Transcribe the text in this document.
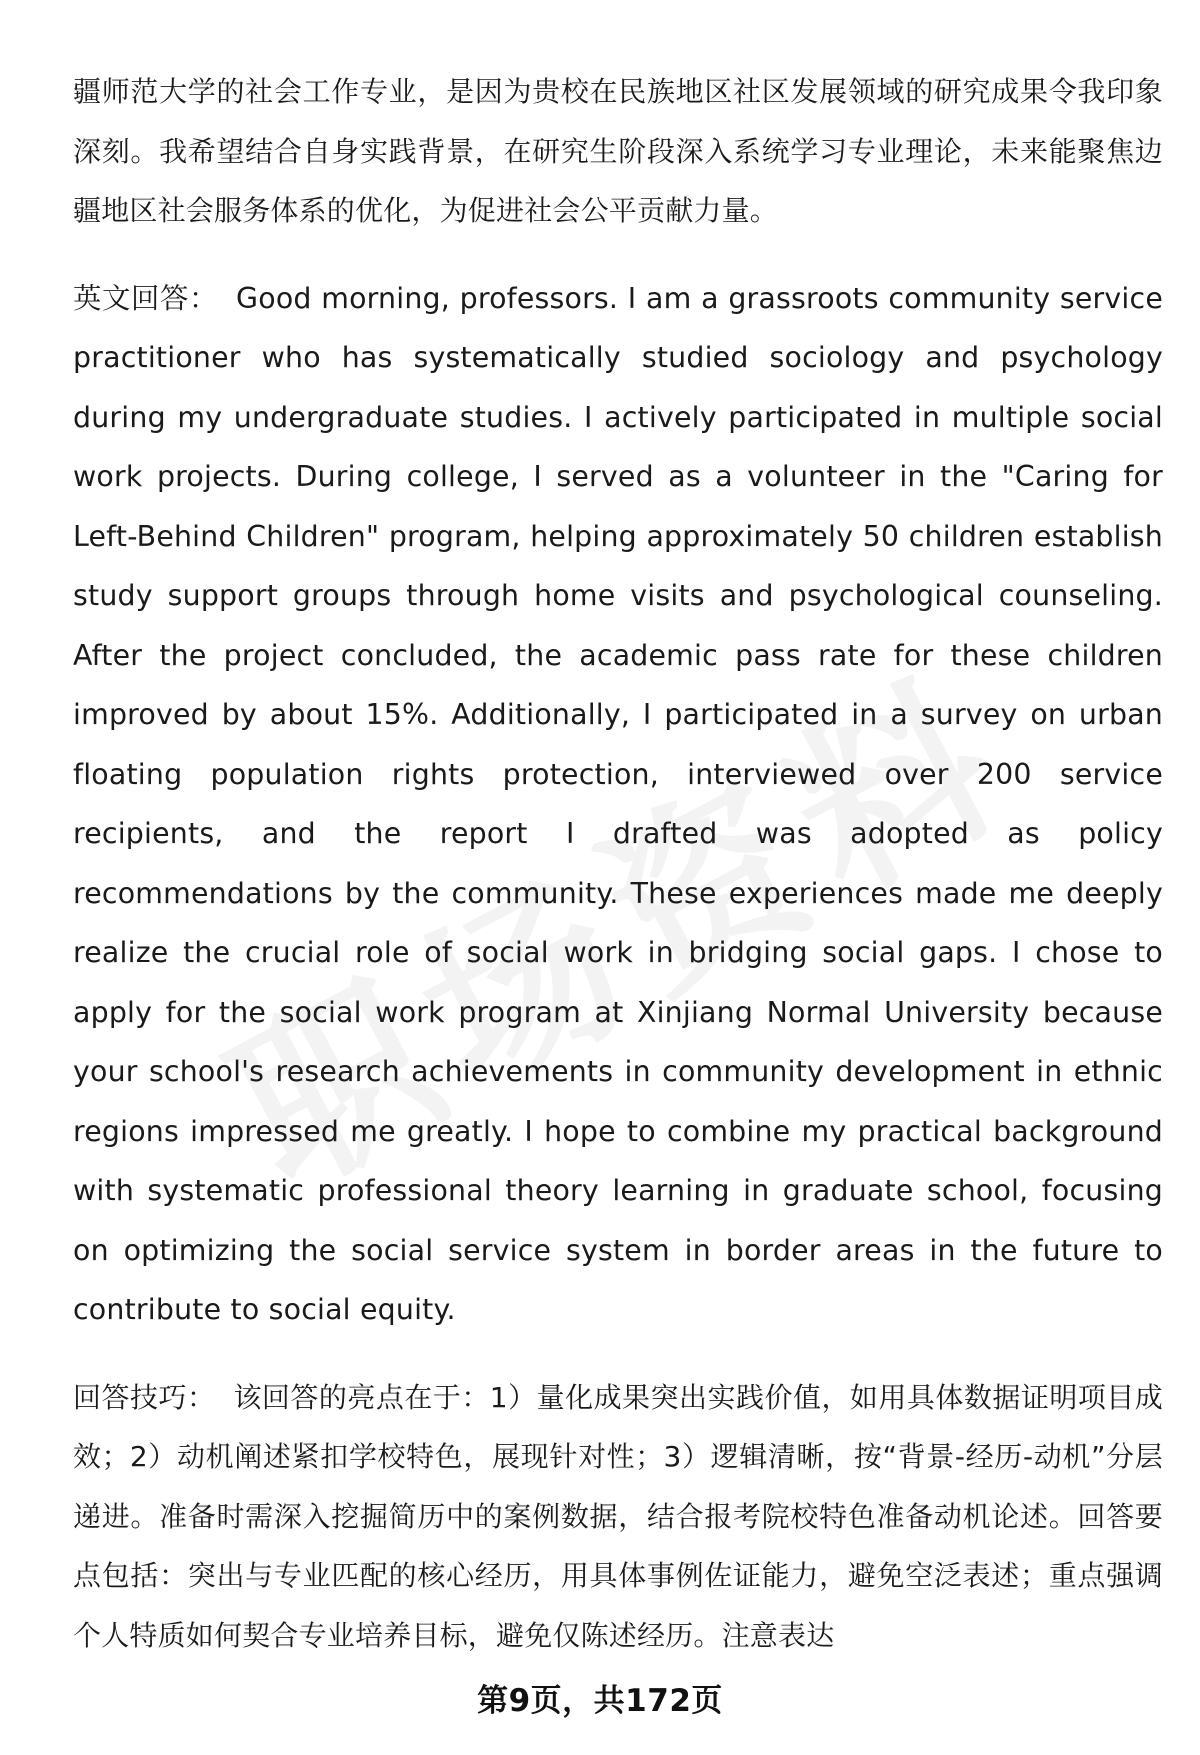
疆师范大学的社会工作专业，是因为贵校在民族地区社区发展领域的研究成果令我印象深刻。我希望结合自身实践背景，在研究生阶段深入系统学习专业理论，未来能聚焦边疆地区社会服务体系的优化，为促进社会公平贡献力量。

英文回答： Good morning, professors. I am a grassroots community service practitioner who has systematically studied sociology and psychology during my undergraduate studies. I actively participated in multiple social work projects. During college, I served as a volunteer in the "Caring for Left-Behind Children" program, helping approximately 50 children establish study support groups through home visits and psychological counseling. After the project concluded, the academic pass rate for these children improved by about 15%. Additionally, I participated in a survey on urban floating population rights protection, interviewed over 200 service recipients, and the report I drafted was adopted as policy recommendations by the community. These experiences made me deeply realize the crucial role of social work in bridging social gaps. I chose to apply for the social work program at Xinjiang Normal University because your school's research achievements in community development in ethnic regions impressed me greatly. I hope to combine my practical background with systematic professional theory learning in graduate school, focusing on optimizing the social service system in border areas in the future to contribute to social equity.

回答技巧： 该回答的亮点在于：1）量化成果突出实践价值，如用具体数据证明项目成效；2）动机阐述紧扣学校特色，展现针对性；3）逻辑清晰，按“背景-经历-动机”分层递进。准备时需深入挖掘简历中的案例数据，结合报考院校特色准备动机论述。回答要点包括：突出与专业匹配的核心经历，用具体事例佐证能力，避免空泛表述；重点强调个人特质如何契合专业培养目标，避免仅陈述经历。注意表达

第9页，共172页
